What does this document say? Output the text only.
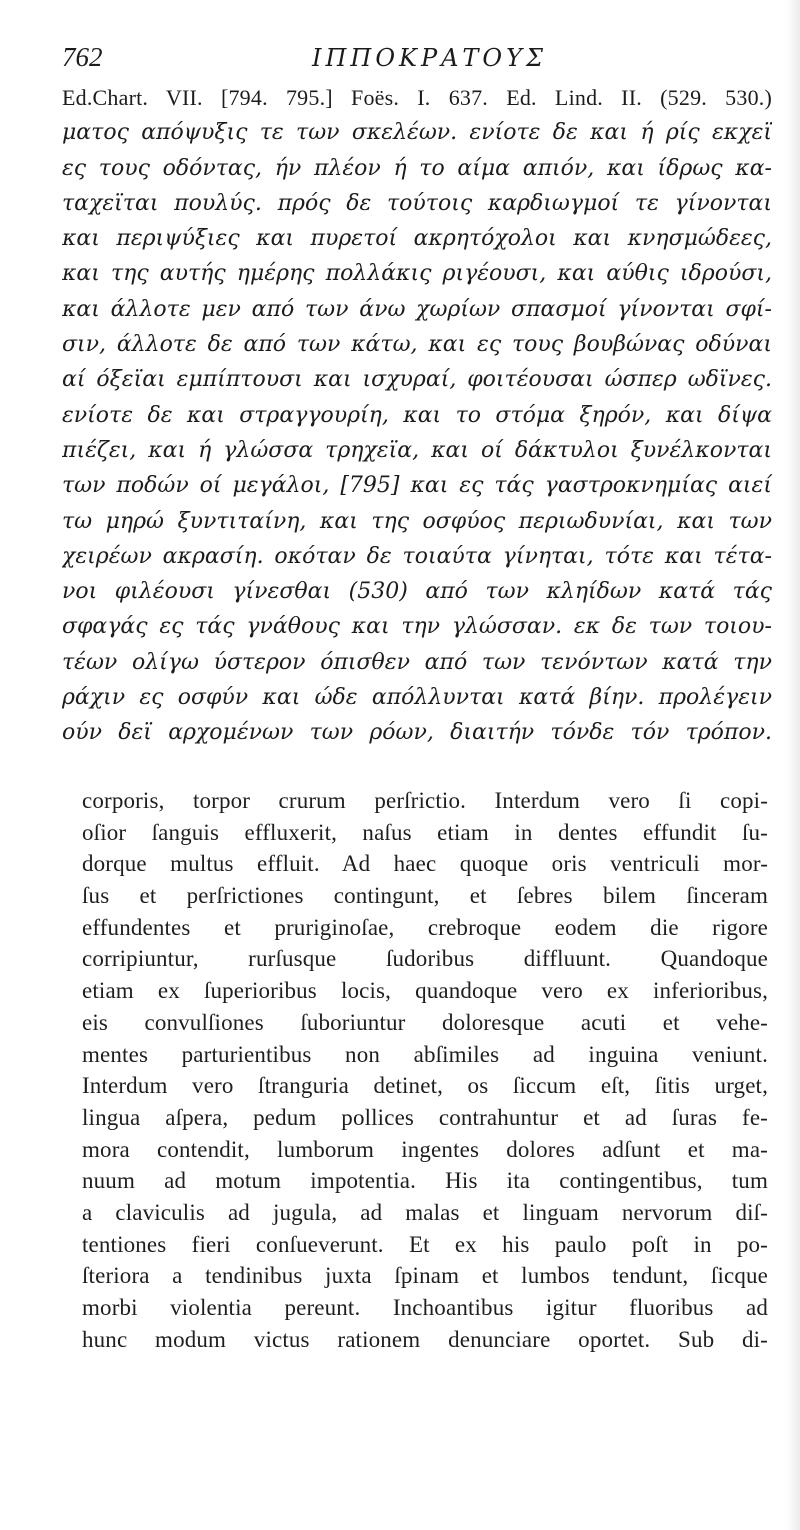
762	ΙΠΠΟΚΡΑΤΟΥΣ
Ed.Chart. VII. [794. 795.] Foës. I. 637. Ed. Lind. II. (529. 530.)
ματος απόψυξις τε των σκελέων. ενίοτε δε και ή ρίς εκχεϊ
ες τους οδόντας, ήν πλέον ή το αίμα απιόν, και ίδρως κα-
ταχεϊται πουλύς. πρός δε τούτοις καρδιωγμοί τε γίνονται
και περιψύξιες και πυρετοί ακρητόχολοι και κνησμώδεες,
και της αυτής ημέρης πολλάκις ριγέουσι, και αύθις ιδρούσι,
και άλλοτε μεν από των άνω χωρίων σπασμοί γίνονται σφί-
σιν, άλλοτε δε από των κάτω, και ες τους βουβώνας οδύναι
αί όξεϊαι εμπίπτουσι και ισχυραί, φοιτέουσαι ώσπερ ωδϊνες.
ενίοτε δε και στραγγουρίη, και το στόμα ξηρόν, και δίψα
πιέζει, και ή γλώσσα τρηχεϊα, και οί δάκτυλοι ξυνέλκονται
των ποδών οί μεγάλοι, [795] και ες τάς γαστροκνημίας αιεί
τω μηρώ ξυντιταίνη, και της οσφύος περιωδυνίαι, και των
χειρέων ακρασίη. οκόταν δε τοιαύτα γίνηται, τότε και τέτα-
νοι φιλέουσι γίνεσθαι (530) από των κληίδων κατά τάς
σφαγάς ες τάς γνάθους και την γλώσσαν. εκ δε των τοιου-
τέων ολίγω ύστερον όπισθεν από των τενόντων κατά την
ράχιν ες οσφύν και ώδε απόλλυνται κατά βίην. προλέγειν
ούν δεϊ αρχομένων των ρόων, διαιτήν τόνδε τόν τρόπον.
corporis, torpor crurum perſrictio. Interdum vero ſi copi-
oſior ſanguis effluxerit, naſus etiam in dentes effundit ſu-
dorque multus effluit. Ad haec quoque oris ventriculi mor-
ſus et perſrictiones contingunt, et ſebres bilem ſinceram
effundentes et pruriginoſae, crebroque eodem die rigore
corripiuntur, rurſusque ſudoribus diffluunt. Quandoque
etiam ex ſuperioribus locis, quandoque vero ex inferioribus,
eis convulſiones ſuboriuntur doloresque acuti et vehe-
mentes parturientibus non abſimiles ad inguina veniunt.
Interdum vero ſtranguria detinet, os ſiccum eſt, ſitis urget,
lingua aſpera, pedum pollices contrahuntur et ad ſuras fe-
mora contendit, lumborum ingentes dolores adſunt et ma-
nuum ad motum impotentia. His ita contingentibus, tum
a claviculis ad jugula, ad malas et linguam nervorum diſ-
tentiones fieri conſueverunt. Et ex his paulo poſt in po-
ſteriora a tendinibus juxta ſpinam et lumbos tendunt, ſicque
morbi violentia pereunt. Inchoantibus igitur fluoribus ad
hunc modum victus rationem denunciare oportet. Sub di-
